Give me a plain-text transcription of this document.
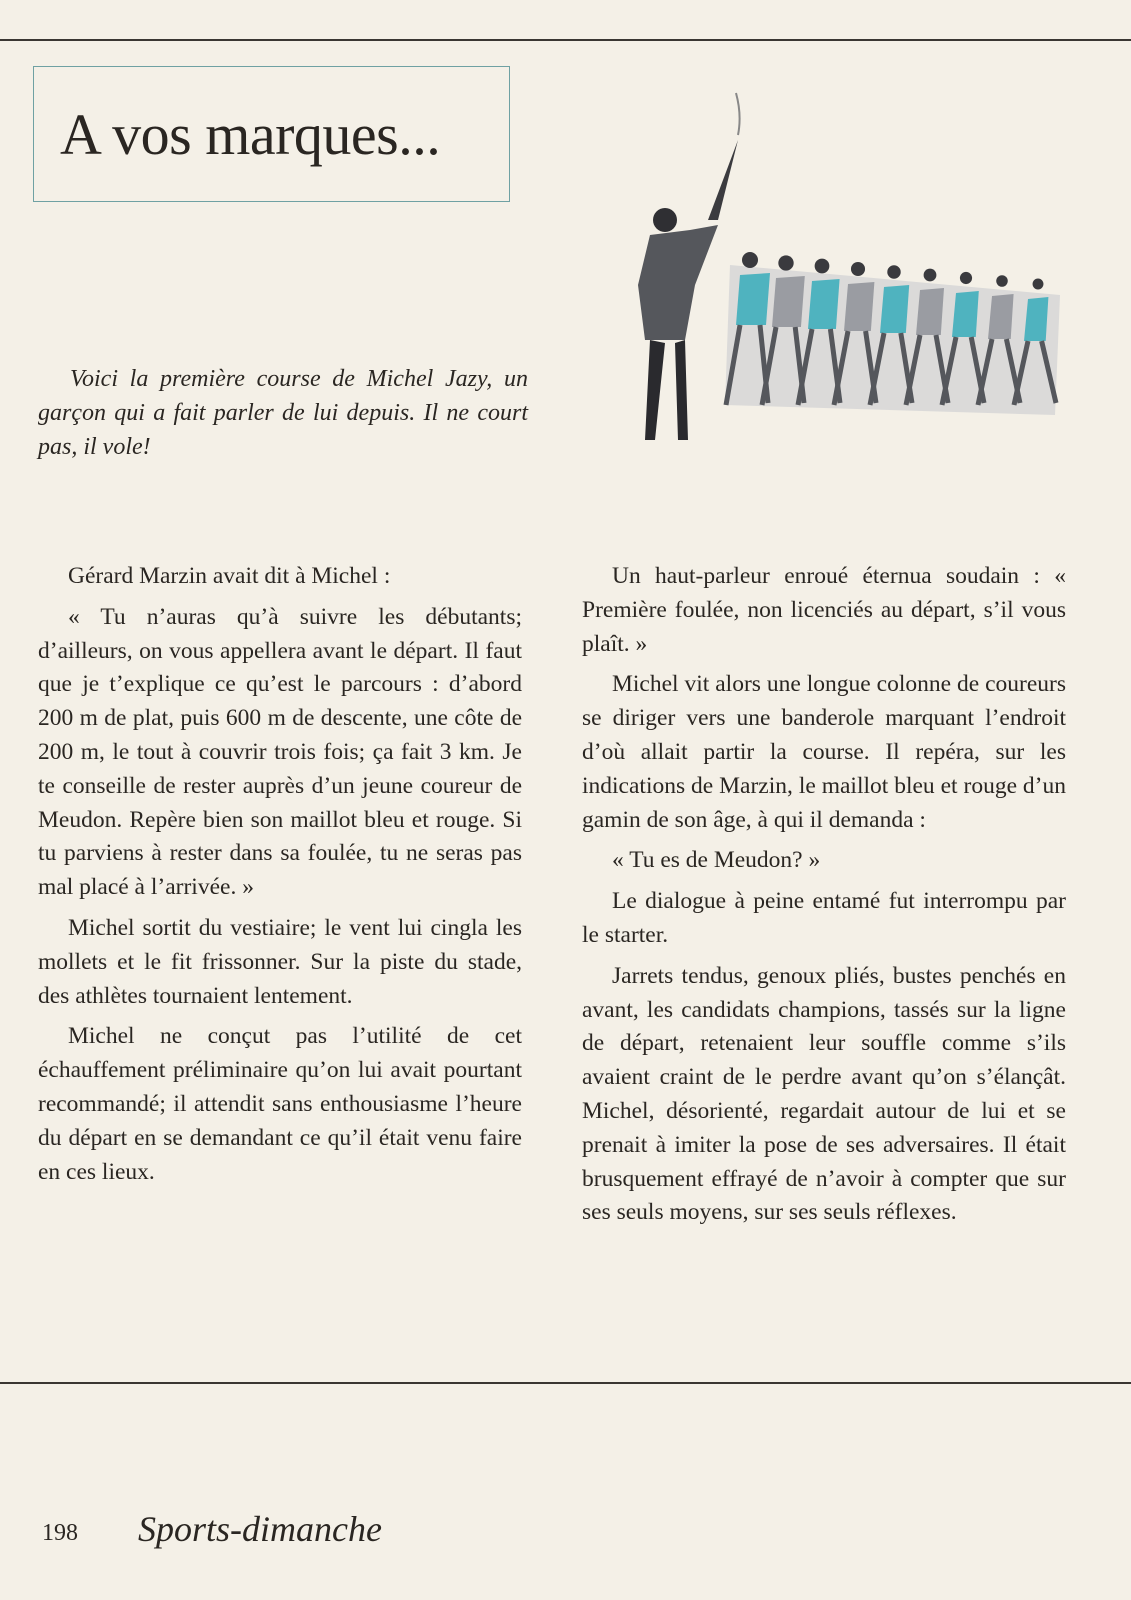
A vos marques...

Voici la première course de Michel Jazy, un garçon qui a fait parler de lui depuis. Il ne court pas, il vole!

Gérard Marzin avait dit à Michel :

« Tu n’auras qu’à suivre les débutants; d’ailleurs, on vous appellera avant le départ. Il faut que je t’explique ce qu’est le parcours : d’abord 200 m de plat, puis 600 m de descente, une côte de 200 m, le tout à couvrir trois fois; ça fait 3 km. Je te conseille de rester auprès d’un jeune coureur de Meudon. Repère bien son maillot bleu et rouge. Si tu parviens à rester dans sa foulée, tu ne seras pas mal placé à l’arrivée. »

Michel sortit du vestiaire; le vent lui cingla les mollets et le fit frissonner. Sur la piste du stade, des athlètes tournaient lentement.

Michel ne conçut pas l’utilité de cet échauffement préliminaire qu’on lui avait pourtant recommandé; il attendit sans enthousiasme l’heure du départ en se demandant ce qu’il était venu faire en ces lieux.

Un haut-parleur enroué éternua soudain : « Première foulée, non licenciés au départ, s’il vous plaît. »

Michel vit alors une longue colonne de coureurs se diriger vers une banderole marquant l’endroit d’où allait partir la course. Il repéra, sur les indications de Marzin, le maillot bleu et rouge d’un gamin de son âge, à qui il demanda :

« Tu es de Meudon? »

Le dialogue à peine entamé fut interrompu par le starter.

Jarrets tendus, genoux pliés, bustes penchés en avant, les candidats champions, tassés sur la ligne de départ, retenaient leur souffle comme s’ils avaient craint de le perdre avant qu’on s’élançât. Michel, désorienté, regardait autour de lui et se prenait à imiter la pose de ses adversaires. Il était brusquement effrayé de n’avoir à compter que sur ses seuls moyens, sur ses seuls réflexes.

198 Sports-dimanche
